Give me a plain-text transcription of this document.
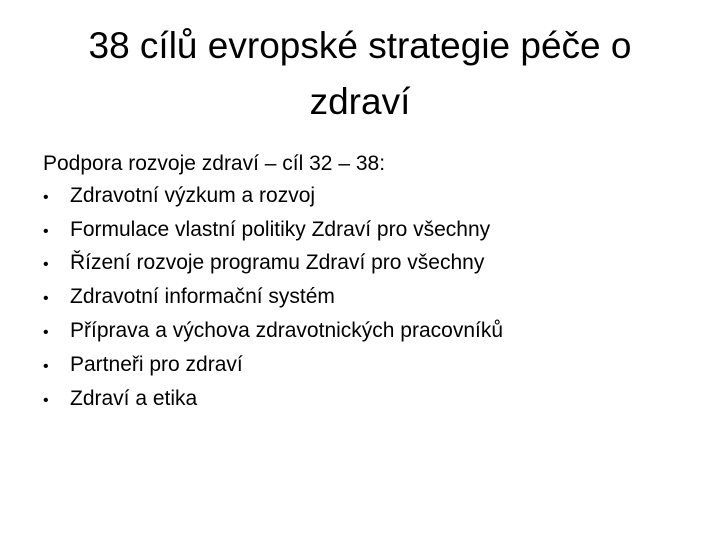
38 cílů evropské strategie péče o
zdraví

Podpora rozvoje zdraví – cíl 32 – 38:

•	Zdravotní výzkum a rozvoj
•	Formulace vlastní politiky Zdraví pro všechny
•	Řízení rozvoje programu Zdraví pro všechny
•	Zdravotní informační systém
•	Příprava a výchova zdravotnických pracovníků
•	Partneři pro zdraví
•	Zdraví a etika
